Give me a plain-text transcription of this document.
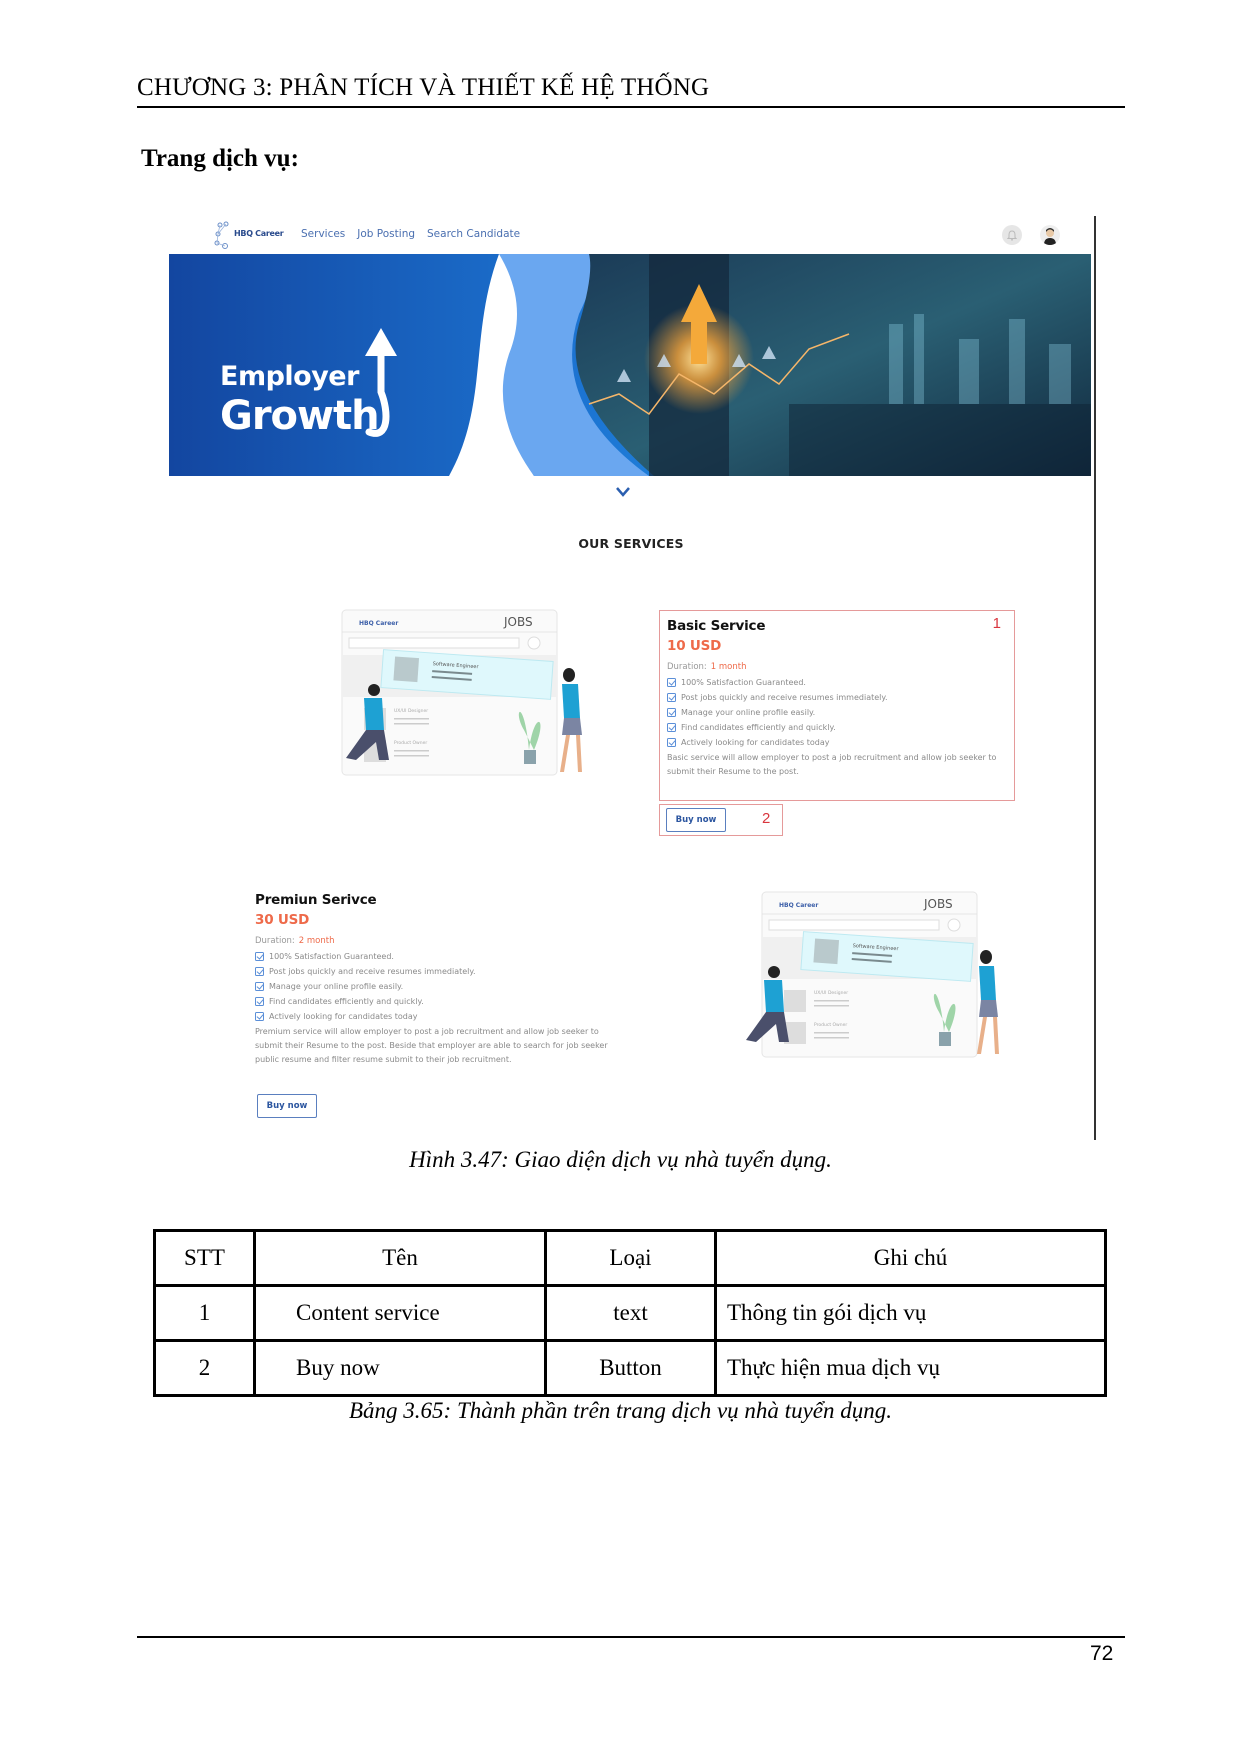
CHƯƠNG 3: PHÂN TÍCH VÀ THIẾT KẾ HỆ THỐNG
Trang dịch vụ:
HBQ Career Services Job Posting Search Candidate
Employer
Growth
OUR SERVICES
HBQ Career	JOBS
Software Engineer
UX/UI Designer
Product Owner
1
Basic Service
10 USD
Duration: 1 month
100% Satisfaction Guaranteed.
Post jobs quickly and receive resumes immediately.
Manage your online profile easily.
Find candidates efficiently and quickly.
Actively looking for candidates today
Basic service will allow employer to post a job recruitment and allow job seeker to submit their Resume to the post.
Buy now	2
Premiun Serivce
30 USD
Duration: 2 month
100% Satisfaction Guaranteed.
Post jobs quickly and receive resumes immediately.
Manage your online profile easily.
Find candidates efficiently and quickly.
Actively looking for candidates today
Premium service will allow employer to post a job recruitment and allow job seeker to submit their Resume to the post. Beside that employer are able to search for job seeker public resume and filter resume submit to their job recruitment.
Buy now
HBQ Career	JOBS
Software Engineer
UX/UI Designer
Product Owner
Hình 3.47: Giao diện dịch vụ nhà tuyển dụng.
STT	Tên	Loại	Ghi chú
1	Content service	text	Thông tin gói dịch vụ
2	Buy now	Button	Thực hiện mua dịch vụ
Bảng 3.65: Thành phần trên trang dịch vụ nhà tuyển dụng.
72
